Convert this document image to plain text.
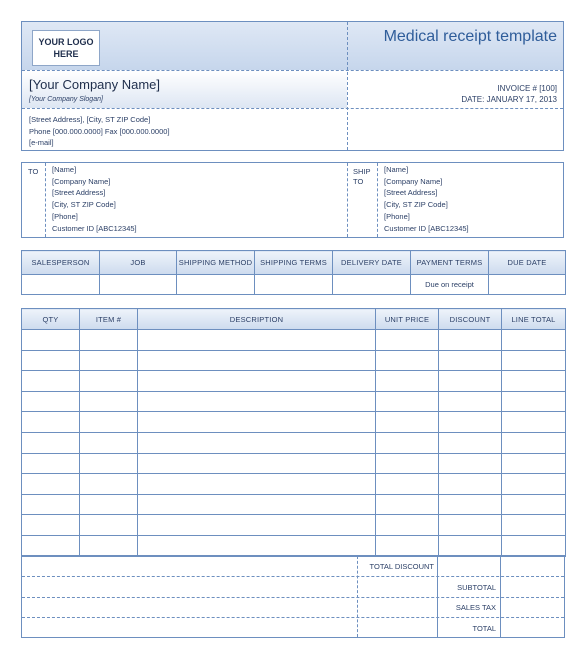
YOUR LOGO
HERE
Medical receipt template
[Your Company Name]
[Your Company Slogan]
INVOICE # [100]
DATE: JANUARY 17, 2013
[Street Address], [City, ST ZIP Code]
Phone [000.000.0000] Fax [000.000.0000]
[e-mail]
TO [Name]
[Company Name]
[Street Address]
[City, ST ZIP Code]
[Phone]
Customer ID [ABC12345]
SHIP
TO
[Name]
[Company Name]
[Street Address]
[City, ST ZIP Code]
[Phone]
Customer ID [ABC12345]
SALESPERSON	JOB	SHIPPING METHOD	SHIPPING TERMS	DELIVERY DATE	PAYMENT TERMS	DUE DATE
					Due on receipt	
QTY	ITEM #	DESCRIPTION	UNIT PRICE	DISCOUNT	LINE TOTAL

TOTAL DISCOUNT
SUBTOTAL
SALES TAX
TOTAL
